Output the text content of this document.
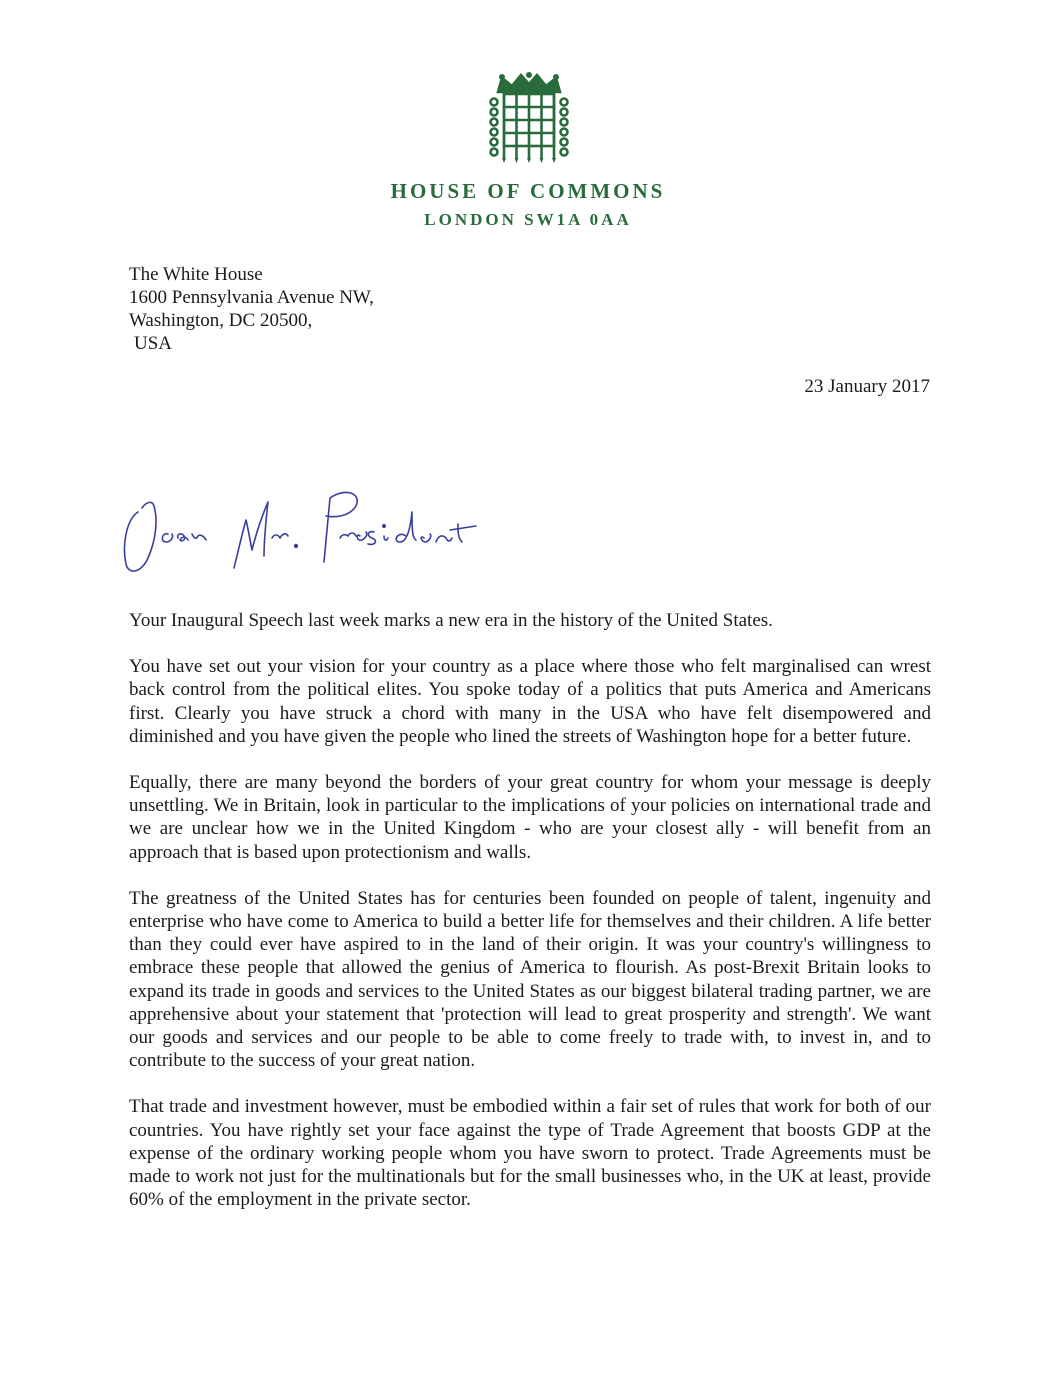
HOUSE OF COMMONS
LONDON SW1A 0AA
The White House
1600 Pennsylvania Avenue NW,
Washington, DC 20500,
USA
23 January 2017

Your Inaugural Speech last week marks a new era in the history of the United States.

You have set out your vision for your country as a place where those who felt marginalised can wrest back control from the political elites. You spoke today of a politics that puts America and Americans first. Clearly you have struck a chord with many in the USA who have felt disempowered and diminished and you have given the people who lined the streets of Washington hope for a better future.

Equally, there are many beyond the borders of your great country for whom your message is deeply unsettling. We in Britain, look in particular to the implications of your policies on international trade and we are unclear how we in the United Kingdom - who are your closest ally - will benefit from an approach that is based upon protectionism and walls.

The greatness of the United States has for centuries been founded on people of talent, ingenuity and enterprise who have come to America to build a better life for themselves and their children. A life better than they could ever have aspired to in the land of their origin. It was your country's willingness to embrace these people that allowed the genius of America to flourish. As post-Brexit Britain looks to expand its trade in goods and services to the United States as our biggest bilateral trading partner, we are apprehensive about your statement that 'protection will lead to great prosperity and strength'. We want our goods and services and our people to be able to come freely to trade with, to invest in, and to contribute to the success of your great nation.

That trade and investment however, must be embodied within a fair set of rules that work for both of our countries. You have rightly set your face against the type of Trade Agreement that boosts GDP at the expense of the ordinary working people whom you have sworn to protect. Trade Agreements must be made to work not just for the multinationals but for the small businesses who, in the UK at least, provide 60% of the employment in the private sector.
